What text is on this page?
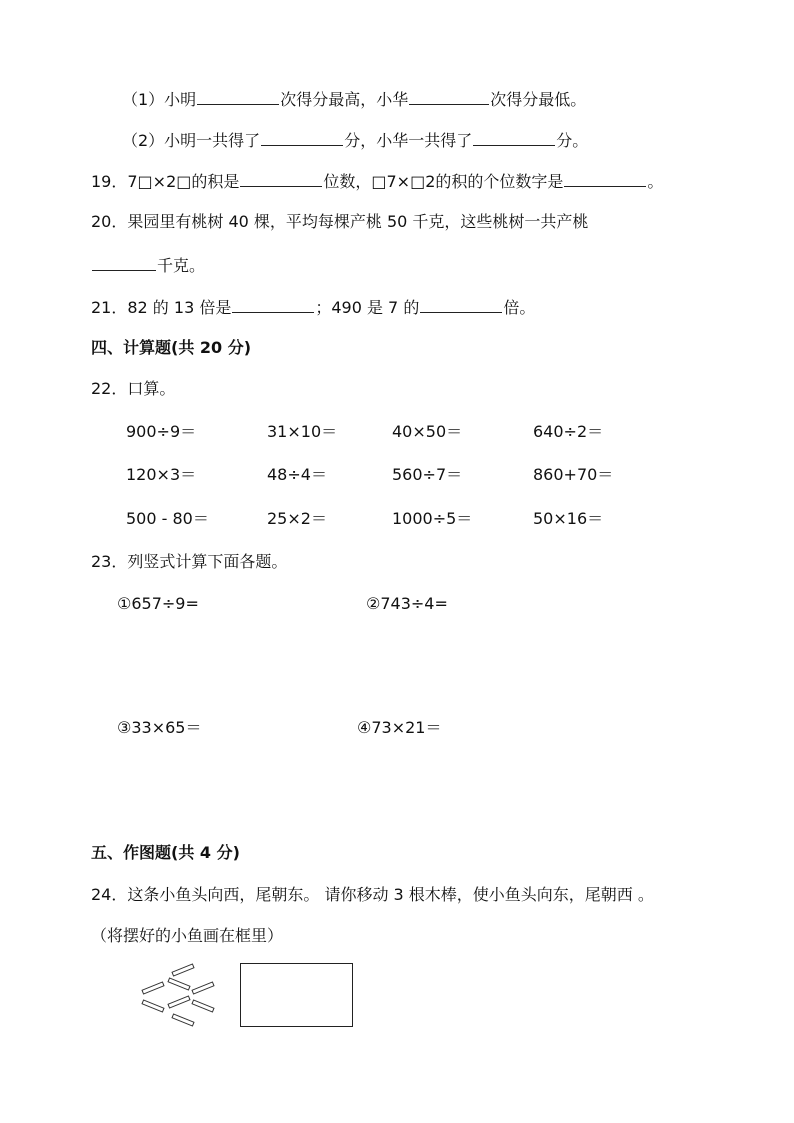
（1）小明	次得分最高，小华	次得分最低。
（2）小明一共得了	分，小华一共得了	分。
19．7□×2□的积是	位数，□7×□2的积的个位数字是	。
20．果园里有桃树 40 棵，平均每棵产桃 50 千克，这些桃树一共产桃
千克。
21．82 的 13 倍是	；490 是 7 的	倍。
四、计算题(共 20 分)
22．口算。
900÷9＝	31×10＝	40×50＝	640÷2＝
120×3＝	48÷4＝	560÷7＝	860+70＝
500 - 80＝	25×2＝	1000÷5＝	50×16＝
23．列竖式计算下面各题。
①657÷9=	②743÷4=
③33×65＝	④73×21＝
五、作图题(共 4 分)
24．这条小鱼头向西，尾朝东。 请你移动 3 根木棒，使小鱼头向东，尾朝西 。
（将摆好的小鱼画在框里）
